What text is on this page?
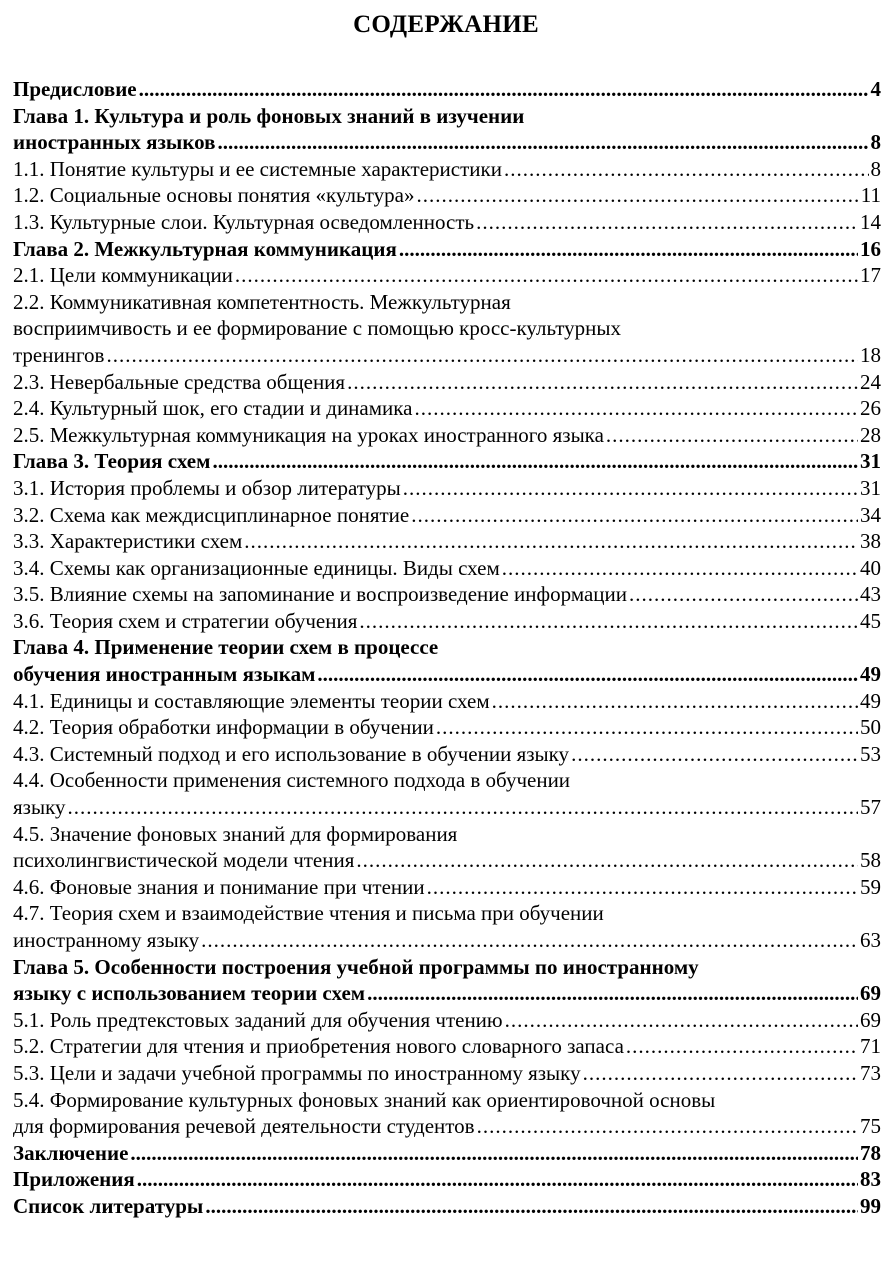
СОДЕРЖАНИЕ
Предисловие .....	4
Глава 1. Культура и роль фоновых знаний в изучении
иностранных языков .....	8
1.1. Понятие культуры и ее системные характеристики .....	8
1.2. Социальные основы понятия «культура» .....	11
1.3. Культурные слои. Культурная осведомленность .....	14
Глава 2. Межкультурная коммуникация .....	16
2.1. Цели коммуникации .....	17
2.2. Коммуникативная компетентность. Межкультурная
восприимчивость и ее формирование с помощью кросс-культурных
тренингов .....	18
2.3. Невербальные средства общения .....	24
2.4. Культурный шок, его стадии и динамика .....	26
2.5. Межкультурная коммуникация на уроках иностранного языка .....	28
Глава 3. Теория схем .....	31
3.1. История проблемы и обзор литературы .....	31
3.2. Схема как междисциплинарное понятие .....	34
3.3. Характеристики схем .....	38
3.4. Схемы как организационные единицы. Виды схем .....	40
3.5. Влияние схемы на запоминание и воспроизведение информации .....	43
3.6. Теория схем и стратегии обучения .....	45
Глава 4. Применение теории схем в процессе
обучения иностранным языкам .....	49
4.1. Единицы и составляющие элементы теории схем .....	49
4.2. Теория обработки информации в обучении .....	50
4.3. Системный подход и его использование в обучении языку .....	53
4.4. Особенности применения системного подхода в обучении
языку .....	57
4.5. Значение фоновых знаний для формирования
психолингвистической модели чтения .....	58
4.6. Фоновые знания и понимание при чтении .....	59
4.7. Теория схем и взаимодействие чтения и письма при обучении
иностранному языку .....	63
Глава 5. Особенности построения учебной программы по иностранному
языку с использованием теории схем .....	69
5.1. Роль предтекстовых заданий для обучения чтению .....	69
5.2. Стратегии для чтения и приобретения нового словарного запаса .....	71
5.3. Цели и задачи учебной программы по иностранному языку .....	73
5.4. Формирование культурных фоновых знаний как ориентировочной основы
для формирования речевой деятельности студентов .....	75
Заключение .....	78
Приложения .....	83
Список литературы .....	99
